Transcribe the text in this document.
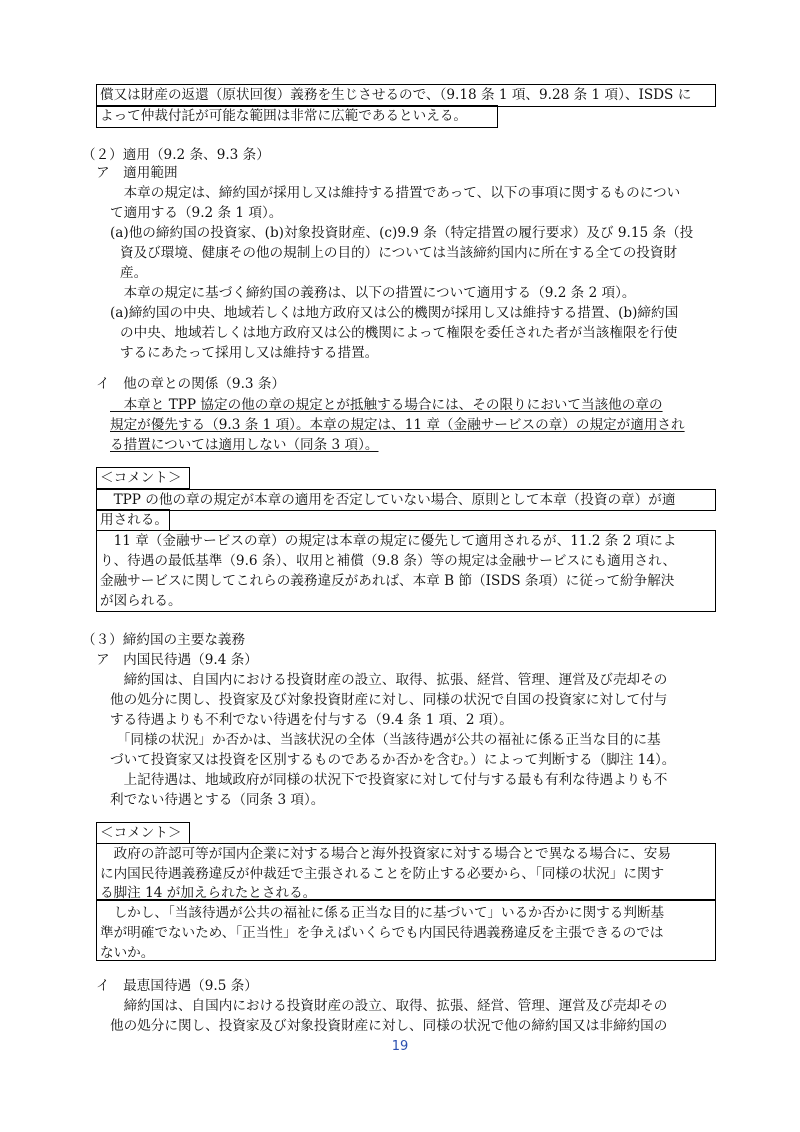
償又は財産の返還（原状回復）義務を生じさせるので、（9.18 条 1 項、9.28 条 1 項）、ISDS に
よって仲裁付託が可能な範囲は非常に広範であるといえる。
（２）適用（9.2 条、9.3 条）
ア　適用範囲
　本章の規定は、締約国が採用し又は維持する措置であって、以下の事項に関するものについ
て適用する（9.2 条 1 項）。
(a)他の締約国の投資家、(b)対象投資財産、(c)9.9 条（特定措置の履行要求）及び 9.15 条（投
資及び環境、健康その他の規制上の目的）については当該締約国内に所在する全ての投資財
産。
　本章の規定に基づく締約国の義務は、以下の措置について適用する（9.2 条 2 項）。
(a)締約国の中央、地域若しくは地方政府又は公的機関が採用し又は維持する措置、(b)締約国
の中央、地域若しくは地方政府又は公的機関によって権限を委任された者が当該権限を行使
するにあたって採用し又は維持する措置。
イ　他の章との関係（9.3 条）
　本章と TPP 協定の他の章の規定とが抵触する場合には、その限りにおいて当該他の章の
規定が優先する（9.3 条 1 項）。本章の規定は、11 章（金融サービスの章）の規定が適用され
る措置については適用しない（同条 3 項）。
＜コメント＞
　TPP の他の章の規定が本章の適用を否定していない場合、原則として本章（投資の章）が適
用される。
　11 章（金融サービスの章）の規定は本章の規定に優先して適用されるが、11.2 条 2 項によ
り、待遇の最低基準（9.6 条）、収用と補償（9.8 条）等の規定は金融サービスにも適用され、
金融サービスに関してこれらの義務違反があれば、本章 B 節（ISDS 条項）に従って紛争解決
が図られる。
（３）締約国の主要な義務
ア　内国民待遇（9.4 条）
　締約国は、自国内における投資財産の設立、取得、拡張、経営、管理、運営及び売却その
他の処分に関し、投資家及び対象投資財産に対し、同様の状況で自国の投資家に対して付与
する待遇よりも不利でない待遇を付与する（9.4 条 1 項、2 項）。
　「同様の状況」か否かは、当該状況の全体（当該待遇が公共の福祉に係る正当な目的に基
づいて投資家又は投資を区別するものであるか否かを含む。）によって判断する（脚注 14）。
　上記待遇は、地域政府が同様の状況下で投資家に対して付与する最も有利な待遇よりも不
利でない待遇とする（同条 3 項）。
＜コメント＞
　政府の許認可等が国内企業に対する場合と海外投資家に対する場合とで異なる場合に、安易
に内国民待遇義務違反が仲裁廷で主張されることを防止する必要から、「同様の状況」に関す
る脚注 14 が加えられたとされる。
　しかし、「当該待遇が公共の福祉に係る正当な目的に基づいて」いるか否かに関する判断基
準が明確でないため、「正当性」を争えばいくらでも内国民待遇義務違反を主張できるのでは
ないか。
イ　最恵国待遇（9.5 条）
　締約国は、自国内における投資財産の設立、取得、拡張、経営、管理、運営及び売却その
他の処分に関し、投資家及び対象投資財産に対し、同様の状況で他の締約国又は非締約国の
19
